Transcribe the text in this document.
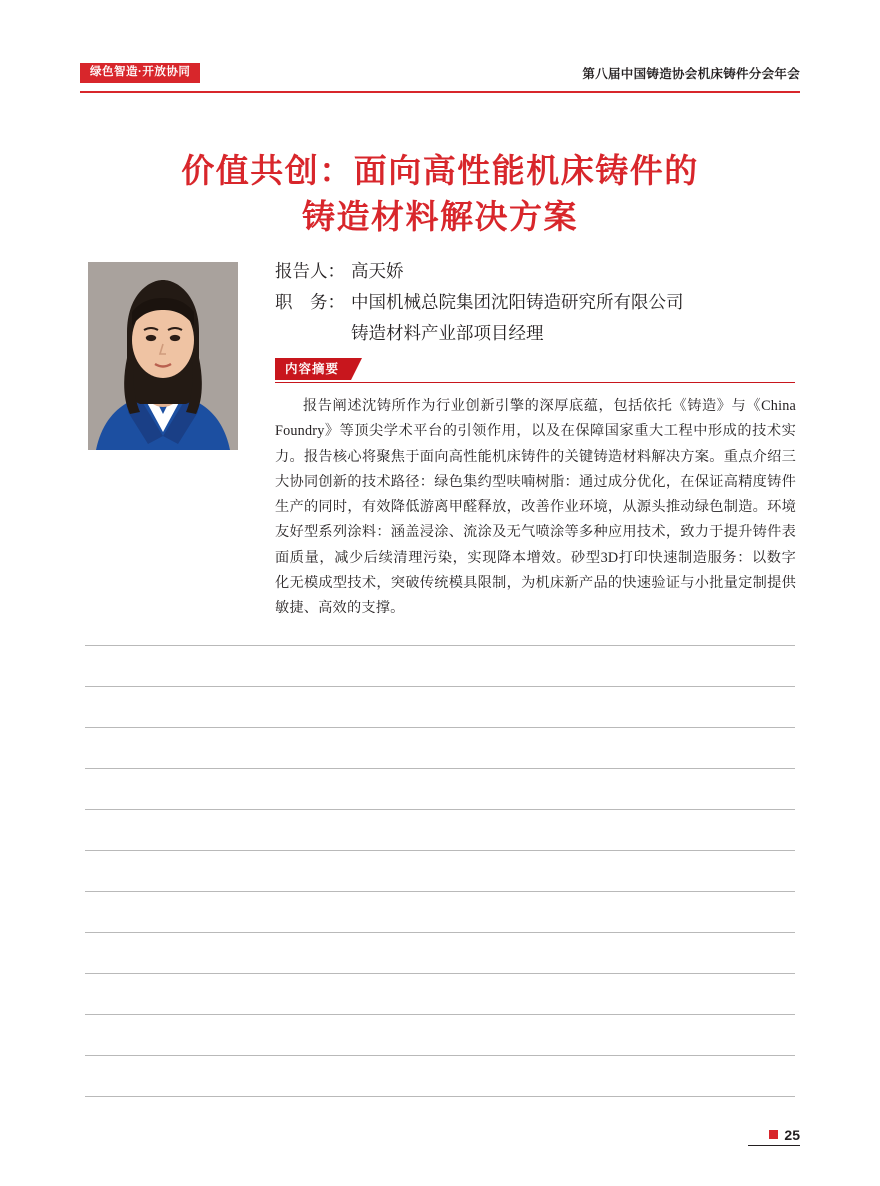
绿色智造·开放协同	第八届中国铸造协会机床铸件分会年会
价值共创：面向高性能机床铸件的
铸造材料解决方案
报告人： 高天娇
职　务： 中国机械总院集团沈阳铸造研究所有限公司
铸造材料产业部项目经理
内容摘要
报告阐述沈铸所作为行业创新引擎的深厚底蕴，包括依托《铸造》与《China Foundry》等顶尖学术平台的引领作用，以及在保障国家重大工程中形成的技术实力。报告核心将聚焦于面向高性能机床铸件的关键铸造材料解决方案。重点介绍三大协同创新的技术路径：绿色集约型呋喃树脂：通过成分优化，在保证高精度铸件生产的同时，有效降低游离甲醛释放，改善作业环境，从源头推动绿色制造。环境友好型系列涂料：涵盖浸涂、流涂及无气喷涂等多种应用技术，致力于提升铸件表面质量，减少后续清理污染，实现降本增效。砂型3D打印快速制造服务：以数字化无模成型技术，突破传统模具限制，为机床新产品的快速验证与小批量定制提供敏捷、高效的支撑。
25
